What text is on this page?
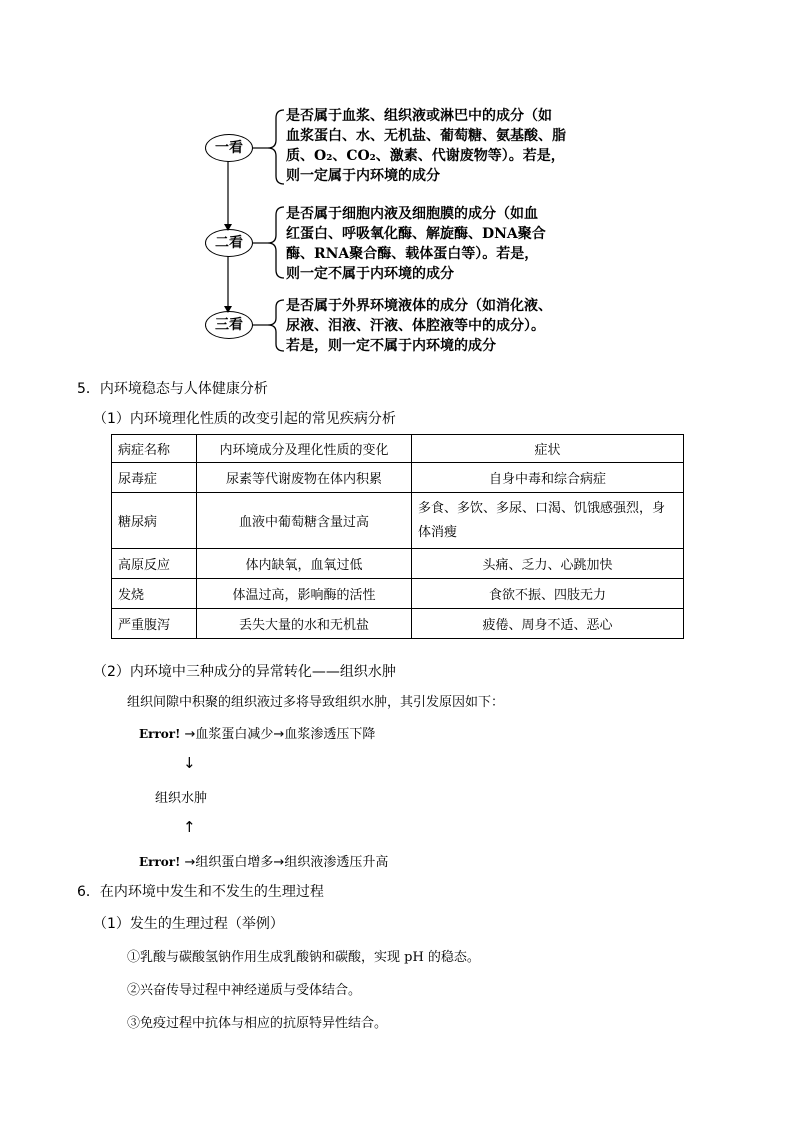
一看
二看
三看
是否属于血浆、组织液或淋巴中的成分（如
血浆蛋白、水、无机盐、葡萄糖、氨基酸、脂
质、O₂、CO₂、激素、代谢废物等）。若是，
则一定属于内环境的成分
是否属于细胞内液及细胞膜的成分（如血
红蛋白、呼吸氧化酶、解旋酶、DNA聚合
酶、RNA聚合酶、载体蛋白等）。若是，
则一定不属于内环境的成分
是否属于外界环境液体的成分（如消化液、
尿液、泪液、汗液、体腔液等中的成分）。
若是，则一定不属于内环境的成分
5．内环境稳态与人体健康分析
（1）内环境理化性质的改变引起的常见疾病分析
病症名称	内环境成分及理化性质的变化	症状
尿毒症	尿素等代谢废物在体内积累	自身中毒和综合病症
糖尿病	血液中葡萄糖含量过高	多食、多饮、多尿、口渴、饥饿感强烈，身体消瘦
高原反应	体内缺氧，血氧过低	头痛、乏力、心跳加快
发烧	体温过高，影响酶的活性	食欲不振、四肢无力
严重腹泻	丢失大量的水和无机盐	疲倦、周身不适、恶心
（2）内环境中三种成分的异常转化——组织水肿
组织间隙中积聚的组织液过多将导致组织水肿，其引发原因如下：
Error! →血浆蛋白减少→血浆渗透压下降
↓
组织水肿
↑
Error! →组织蛋白增多→组织液渗透压升高
6．在内环境中发生和不发生的生理过程
（1）发生的生理过程（举例）
①乳酸与碳酸氢钠作用生成乳酸钠和碳酸，实现 pH 的稳态。
②兴奋传导过程中神经递质与受体结合。
③免疫过程中抗体与相应的抗原特异性结合。
